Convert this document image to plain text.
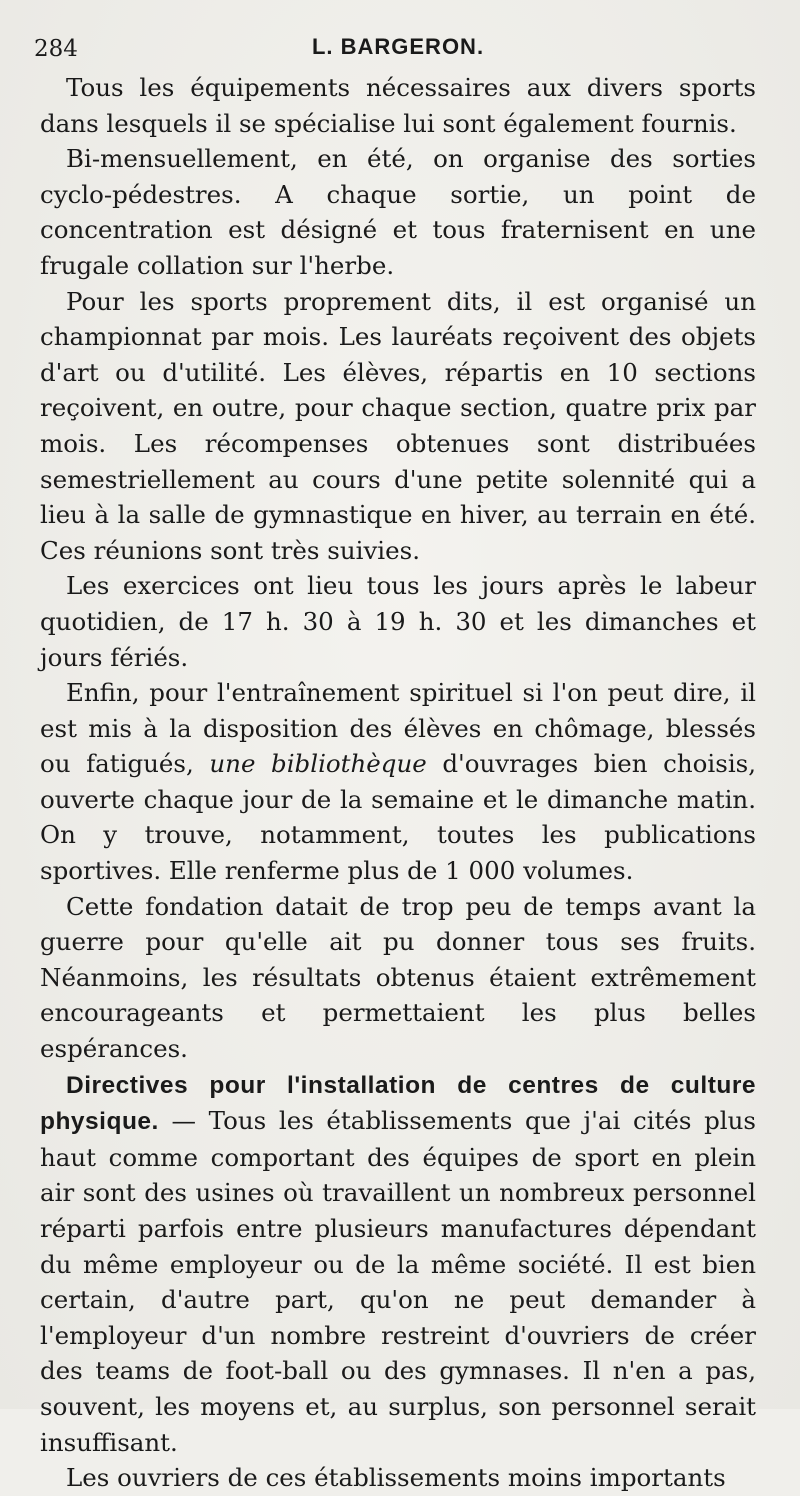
284	L. BARGERON.

Tous les équipements nécessaires aux divers sports dans lesquels il se spécialise lui sont également fournis.

Bi-mensuellement, en été, on organise des sorties cyclo-pédestres. A chaque sortie, un point de concentration est désigné et tous fraternisent en une frugale collation sur l'herbe.

Pour les sports proprement dits, il est organisé un championnat par mois. Les lauréats reçoivent des objets d'art ou d'utilité. Les élèves, répartis en 10 sections reçoivent, en outre, pour chaque section, quatre prix par mois. Les récompenses obtenues sont distribuées semestriellement au cours d'une petite solennité qui a lieu à la salle de gymnastique en hiver, au terrain en été. Ces réunions sont très suivies.

Les exercices ont lieu tous les jours après le labeur quotidien, de 17 h. 30 à 19 h. 30 et les dimanches et jours fériés.

Enfin, pour l'entraînement spirituel si l'on peut dire, il est mis à la disposition des élèves en chômage, blessés ou fatigués, une bibliothèque d'ouvrages bien choisis, ouverte chaque jour de la semaine et le dimanche matin. On y trouve, notamment, toutes les publications sportives. Elle renferme plus de 1 000 volumes.

Cette fondation datait de trop peu de temps avant la guerre pour qu'elle ait pu donner tous ses fruits. Néanmoins, les résultats obtenus étaient extrêmement encourageants et permettaient les plus belles espérances.

Directives pour l'installation de centres de culture physique. — Tous les établissements que j'ai cités plus haut comme comportant des équipes de sport en plein air sont des usines où travaillent un nombreux personnel réparti parfois entre plusieurs manufactures dépendant du même employeur ou de la même société. Il est bien certain, d'autre part, qu'on ne peut demander à l'employeur d'un nombre restreint d'ouvriers de créer des teams de foot-ball ou des gymnases. Il n'en a pas, souvent, les moyens et, au surplus, son personnel serait insuffisant.

Les ouvriers de ces établissements moins importants
